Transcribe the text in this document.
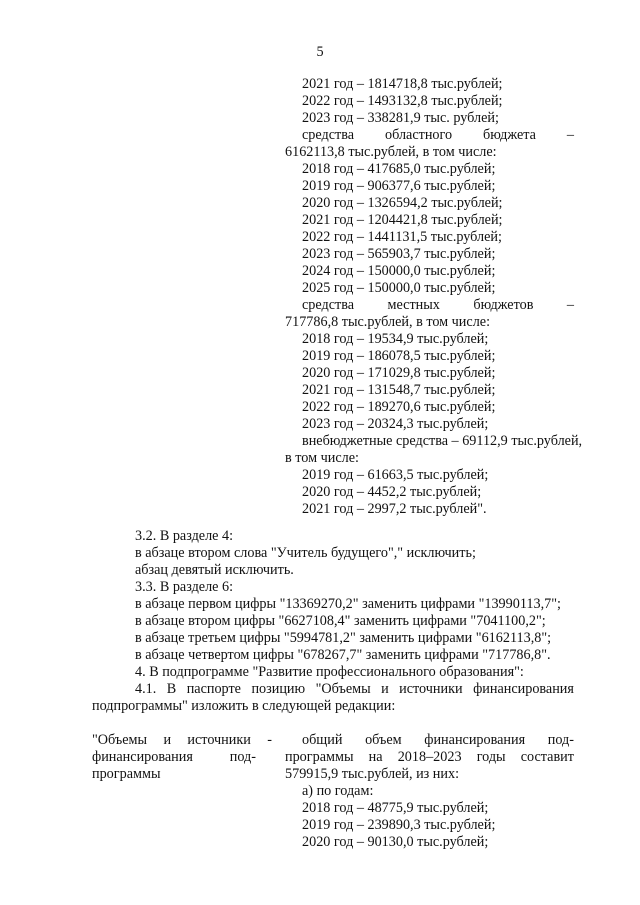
5
2021 год – 1814718,8 тыс.рублей;
2022 год – 1493132,8 тыс.рублей;
2023 год – 338281,9 тыс. рублей;
средства областного бюджета –
6162113,8 тыс.рублей, в том числе:
2018 год – 417685,0 тыс.рублей;
2019 год – 906377,6 тыс.рублей;
2020 год – 1326594,2 тыс.рублей;
2021 год – 1204421,8 тыс.рублей;
2022 год – 1441131,5 тыс.рублей;
2023 год – 565903,7 тыс.рублей;
2024 год – 150000,0 тыс.рублей;
2025 год – 150000,0 тыс.рублей;
средства местных бюджетов –
717786,8 тыс.рублей, в том числе:
2018 год – 19534,9 тыс.рублей;
2019 год – 186078,5 тыс.рублей;
2020 год – 171029,8 тыс.рублей;
2021 год – 131548,7 тыс.рублей;
2022 год – 189270,6 тыс.рублей;
2023 год – 20324,3 тыс.рублей;
внебюджетные средства – 69112,9 тыс.рублей,
в том числе:
2019 год – 61663,5 тыс.рублей;
2020 год – 4452,2 тыс.рублей;
2021 год – 2997,2 тыс.рублей".
3.2. В разделе 4:
в абзаце втором слова "Учитель будущего"," исключить;
абзац девятый исключить.
3.3. В разделе 6:
в абзаце первом цифры "13369270,2" заменить цифрами "13990113,7";
в абзаце втором цифры "6627108,4" заменить цифрами "7041100,2";
в абзаце третьем цифры "5994781,2" заменить цифрами "6162113,8";
в абзаце четвертом цифры "678267,7" заменить цифрами "717786,8".
4. В подпрограмме "Развитие профессионального образования":
4.1. В паспорте позицию "Объемы и источники финансирования
подпрограммы" изложить в следующей редакции:
"Объемы и источники -
финансирования	под-
программы
общий объем финансирования под-
программы на 2018–2023 годы составит
579915,9 тыс.рублей, из них:
а) по годам:
2018 год – 48775,9 тыс.рублей;
2019 год – 239890,3 тыс.рублей;
2020 год – 90130,0 тыс.рублей;
